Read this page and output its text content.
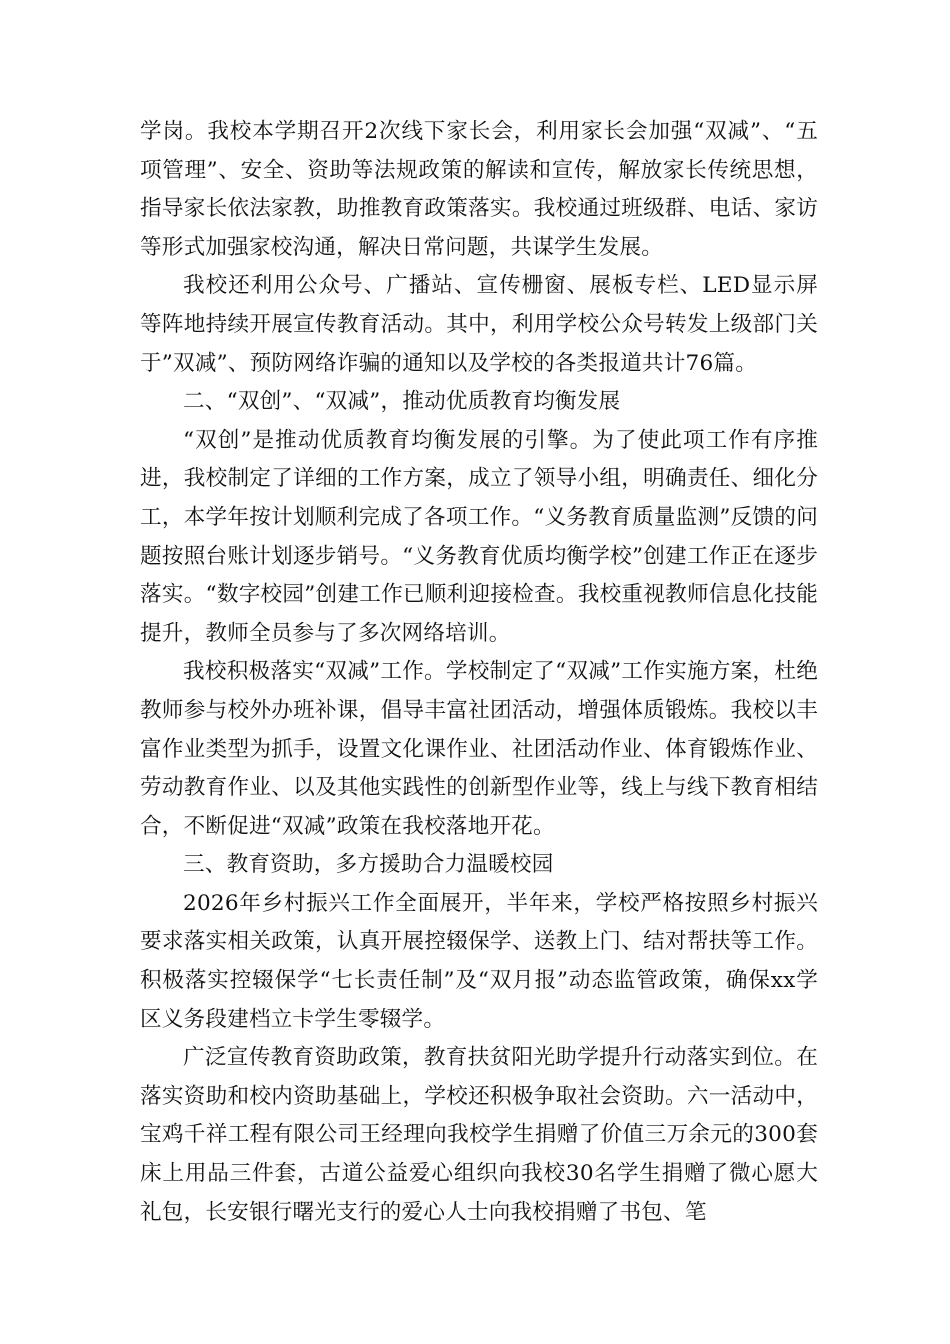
学岗。我校本学期召开2次线下家长会，利用家长会加强“双减”、“五项管理”、安全、资助等法规政策的解读和宣传，解放家长传统思想，指导家长依法家教，助推教育政策落实。我校通过班级群、电话、家访等形式加强家校沟通，解决日常问题，共谋学生发展。

我校还利用公众号、广播站、宣传栅窗、展板专栏、LED显示屏等阵地持续开展宣传教育活动。其中，利用学校公众号转发上级部门关于”双减”、预防网络诈骗的通知以及学校的各类报道共计76篇。

二、“双创”、“双减”，推动优质教育均衡发展

“双创”是推动优质教育均衡发展的引擎。为了使此项工作有序推进，我校制定了详细的工作方案，成立了领导小组，明确责任、细化分工，本学年按计划顺利完成了各项工作。“义务教育质量监测”反馈的问题按照台账计划逐步销号。“义务教育优质均衡学校”创建工作正在逐步落实。“数字校园”创建工作已顺利迎接检查。我校重视教师信息化技能提升，教师全员参与了多次网络培训。

我校积极落实“双减”工作。学校制定了“双减”工作实施方案，杜绝教师参与校外办班补课，倡导丰富社团活动，增强体质锻炼。我校以丰富作业类型为抓手，设置文化课作业、社团活动作业、体育锻炼作业、劳动教育作业、以及其他实践性的创新型作业等，线上与线下教育相结合，不断促进“双减”政策在我校落地开花。

三、教育资助，多方援助合力温暖校园

2026年乡村振兴工作全面展开，半年来，学校严格按照乡村振兴要求落实相关政策，认真开展控辍保学、送教上门、结对帮扶等工作。积极落实控辍保学“七长责任制”及“双月报”动态监管政策，确保xx学区义务段建档立卡学生零辍学。

广泛宣传教育资助政策，教育扶贫阳光助学提升行动落实到位。在落实资助和校内资助基础上，学校还积极争取社会资助。六一活动中，宝鸡千祥工程有限公司王经理向我校学生捐赠了价值三万余元的300套床上用品三件套，古道公益爱心组织向我校30名学生捐赠了微心愿大礼包，长安银行曙光支行的爱心人士向我校捐赠了书包、笔
